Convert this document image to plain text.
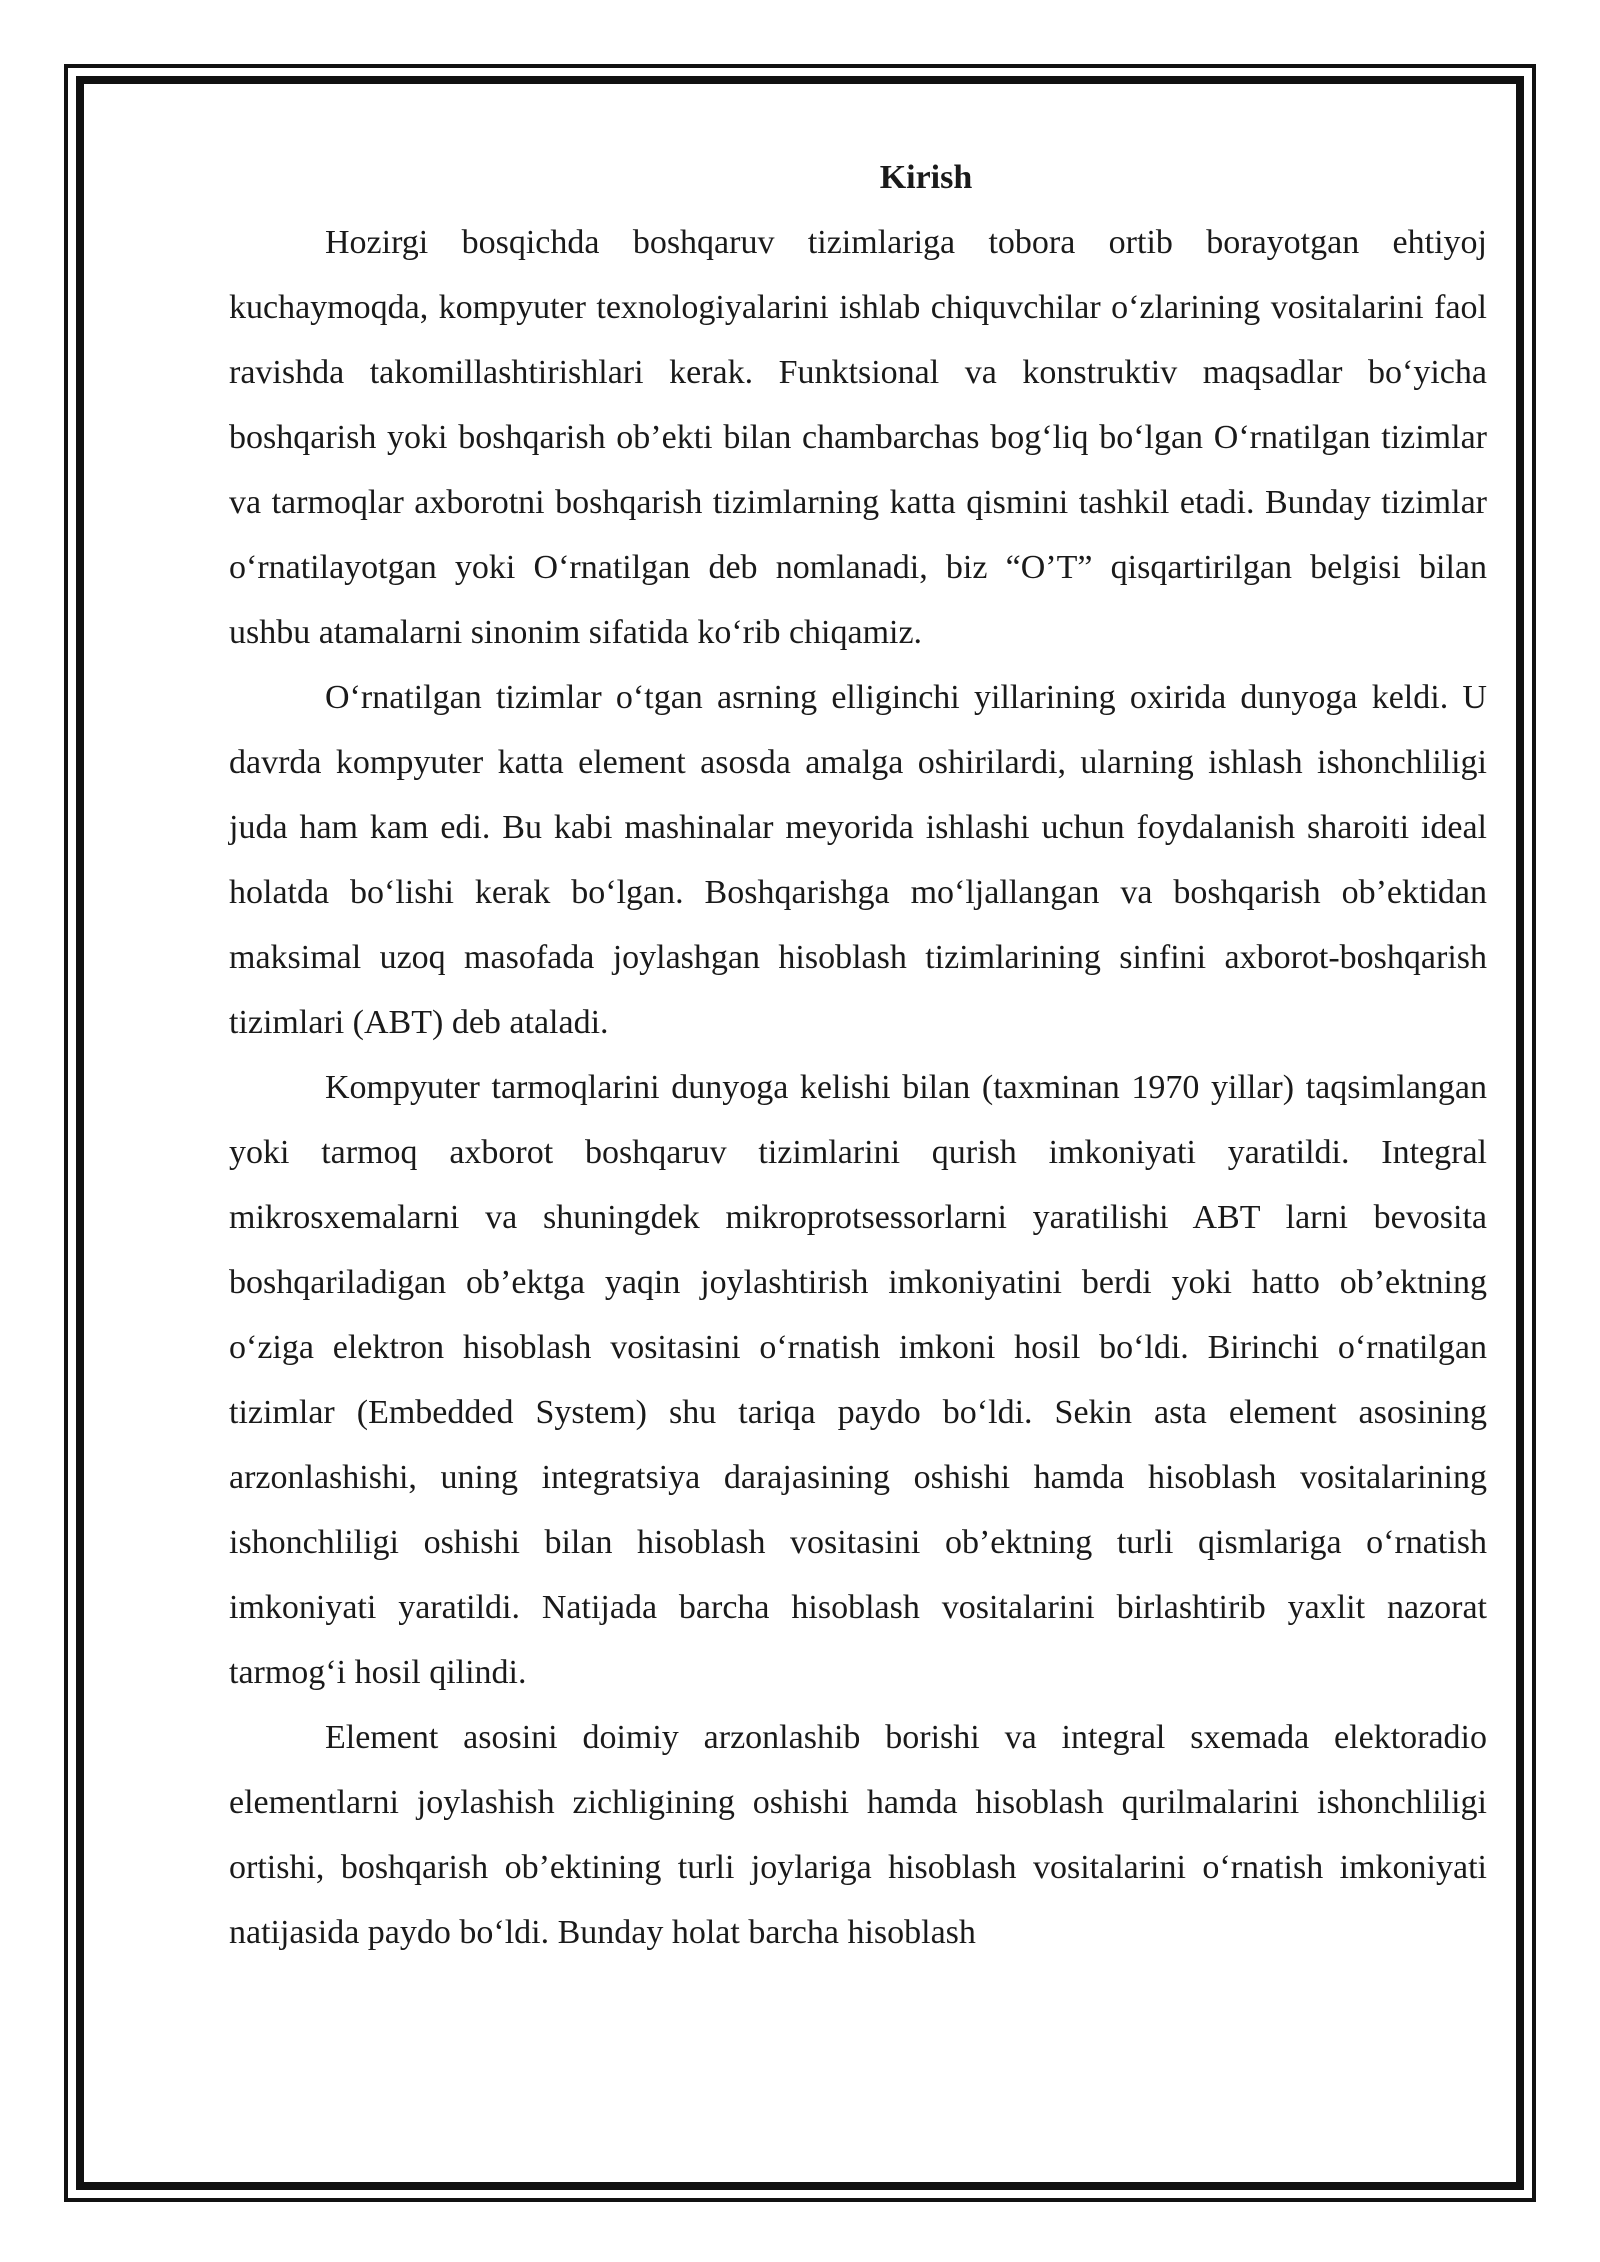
Kirish

Hozirgi bosqichda boshqaruv tizimlariga tobora ortib borayotgan ehtiyoj kuchaymoqda, kompyuter texnologiyalarini ishlab chiquvchilar o‘zlarining vositalarini faol ravishda takomillashtirishlari kerak. Funktsional va konstruktiv maqsadlar bo‘yicha boshqarish yoki boshqarish ob’ekti bilan chambarchas bog‘liq bo‘lgan O‘rnatilgan tizimlar va tarmoqlar axborotni boshqarish tizimlarning katta qismini tashkil etadi. Bunday tizimlar o‘rnatilayotgan yoki O‘rnatilgan deb nomlanadi, biz “O’T” qisqartirilgan belgisi bilan ushbu atamalarni sinonim sifatida ko‘rib chiqamiz.

O‘rnatilgan tizimlar o‘tgan asrning elliginchi yillarining oxirida dunyoga keldi. U davrda kompyuter katta element asosda amalga oshirilardi, ularning ishlash ishonchliligi juda ham kam edi. Bu kabi mashinalar meyorida ishlashi uchun foydalanish sharoiti ideal holatda bo‘lishi kerak bo‘lgan. Boshqarishga mo‘ljallangan va boshqarish ob’ektidan maksimal uzoq masofada joylashgan hisoblash tizimlarining sinfini axborot-boshqarish tizimlari (ABT) deb ataladi.

Kompyuter tarmoqlarini dunyoga kelishi bilan (taxminan 1970 yillar) taqsimlangan yoki tarmoq axborot boshqaruv tizimlarini qurish imkoniyati yaratildi. Integral mikrosxemalarni va shuningdek mikroprotsessorlarni yaratilishi ABT larni bevosita boshqariladigan ob’ektga yaqin joylashtirish imkoniyatini berdi yoki hatto ob’ektning o‘ziga elektron hisoblash vositasini o‘rnatish imkoni hosil bo‘ldi. Birinchi o‘rnatilgan tizimlar (Embedded System) shu tariqa paydo bo‘ldi. Sekin asta element asosining arzonlashishi, uning integratsiya darajasining oshishi hamda hisoblash vositalarining ishonchliligi oshishi bilan hisoblash vositasini ob’ektning turli qismlariga o‘rnatish imkoniyati yaratildi. Natijada barcha hisoblash vositalarini birlashtirib yaxlit nazorat tarmog‘i hosil qilindi.

Element asosini doimiy arzonlashib borishi va integral sxemada elektoradio elementlarni joylashish zichligining oshishi hamda hisoblash qurilmalarini ishonchliligi ortishi, boshqarish ob’ektining turli joylariga hisoblash vositalarini o‘rnatish imkoniyati natijasida paydo bo‘ldi. Bunday holat barcha hisoblash
